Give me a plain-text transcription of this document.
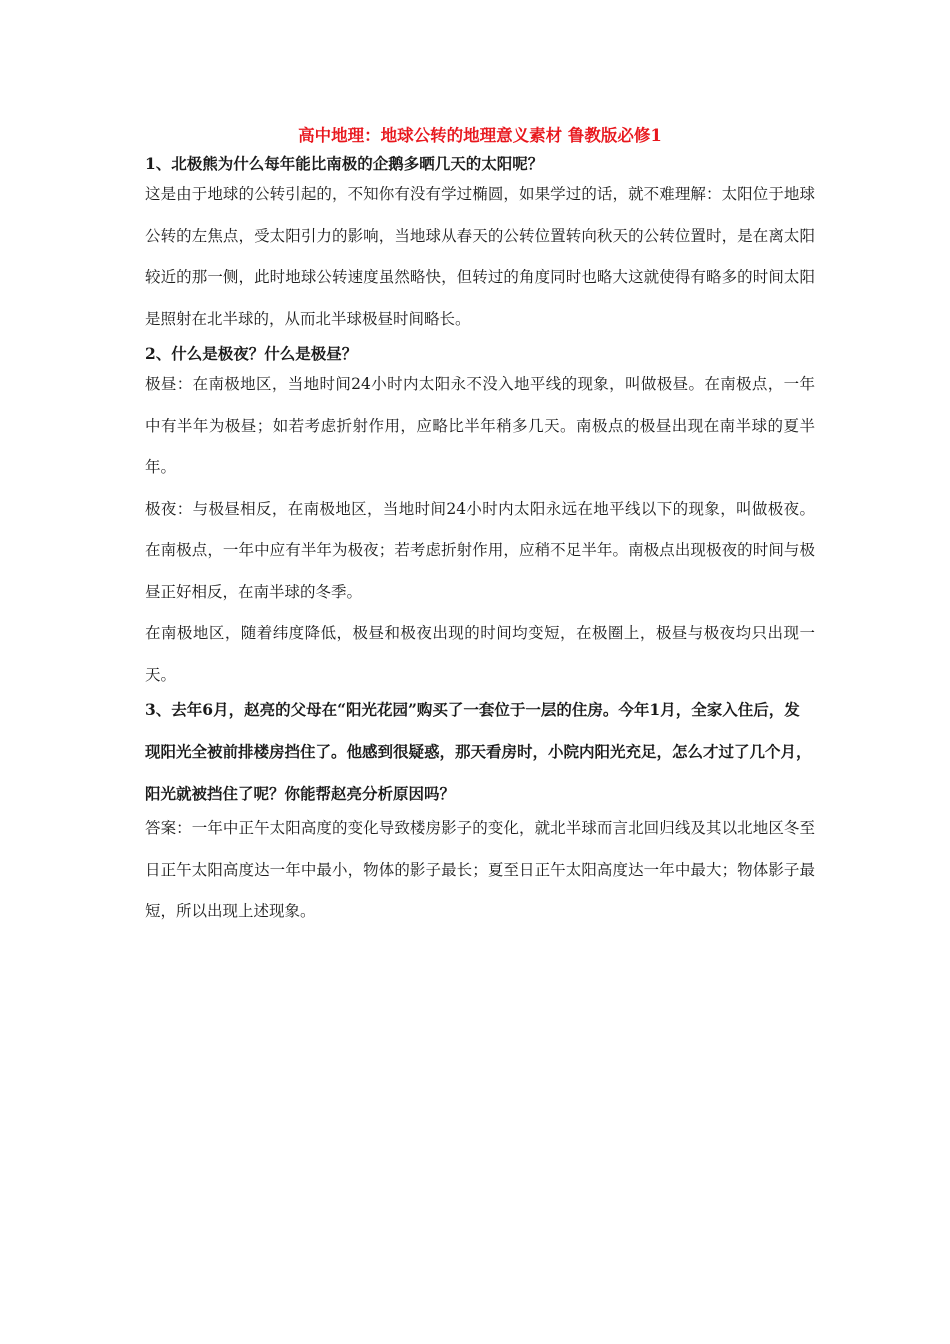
高中地理：地球公转的地理意义素材 鲁教版必修1

1、北极熊为什么每年能比南极的企鹅多晒几天的太阳呢？

这是由于地球的公转引起的，不知你有没有学过椭圆，如果学过的话，就不难理解：太阳位于地球公转的左焦点，受太阳引力的影响，当地球从春天的公转位置转向秋天的公转位置时，是在离太阳较近的那一侧，此时地球公转速度虽然略快，但转过的角度同时也略大这就使得有略多的时间太阳是照射在北半球的，从而北半球极昼时间略长。

2、什么是极夜？什么是极昼？

极昼：在南极地区，当地时间24小时内太阳永不没入地平线的现象，叫做极昼。在南极点，一年中有半年为极昼；如若考虑折射作用，应略比半年稍多几天。南极点的极昼出现在南半球的夏半年。

极夜：与极昼相反，在南极地区，当地时间24小时内太阳永远在地平线以下的现象，叫做极夜。在南极点，一年中应有半年为极夜；若考虑折射作用，应稍不足半年。南极点出现极夜的时间与极昼正好相反，在南半球的冬季。

在南极地区，随着纬度降低，极昼和极夜出现的时间均变短，在极圈上，极昼与极夜均只出现一天。

3、去年6月，赵亮的父母在“阳光花园”购买了一套位于一层的住房。今年1月，全家入住后，发现阳光全被前排楼房挡住了。他感到很疑惑，那天看房时，小院内阳光充足，怎么才过了几个月，阳光就被挡住了呢？你能帮赵亮分析原因吗？

答案：一年中正午太阳高度的变化导致楼房影子的变化，就北半球而言北回归线及其以北地区冬至日正午太阳高度达一年中最小，物体的影子最长；夏至日正午太阳高度达一年中最大；物体影子最短，所以出现上述现象。
